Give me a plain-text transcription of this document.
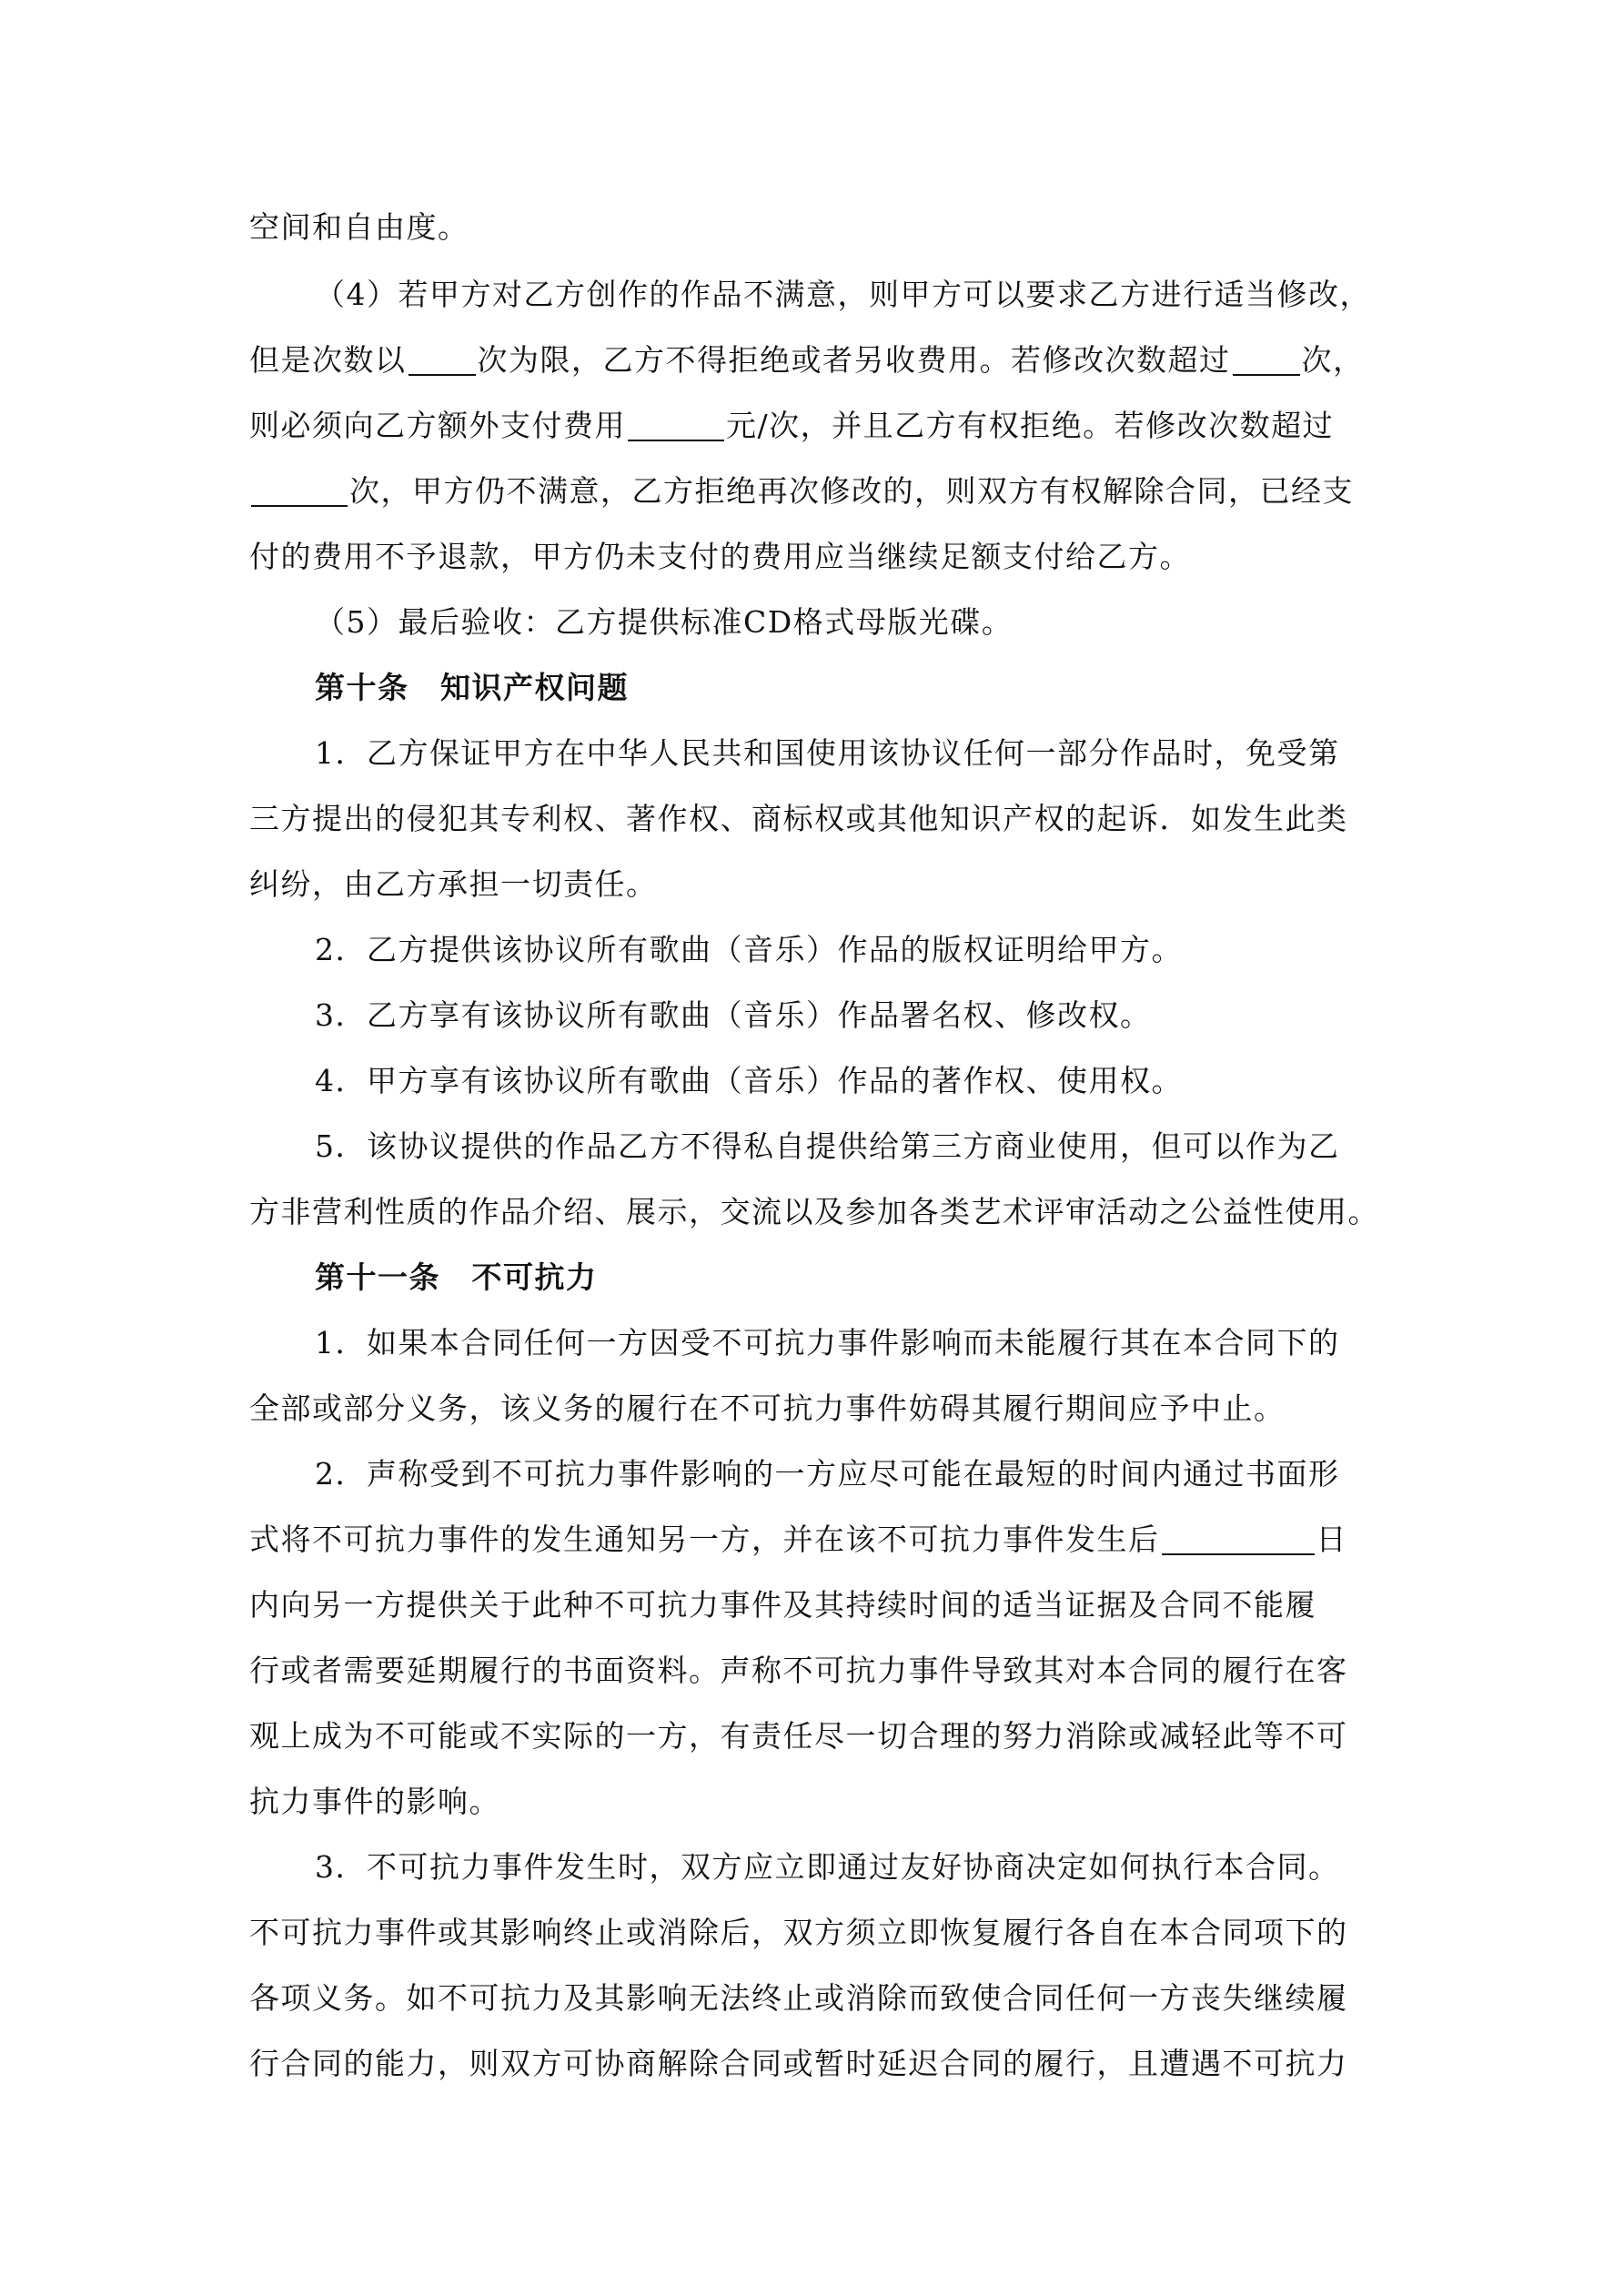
空间和自由度。
（4）若甲方对乙方创作的作品不满意，则甲方可以要求乙方进行适当修改，
但是次数以 次为限，乙方不得拒绝或者另收费用。若修改次数超过 次，
则必须向乙方额外支付费用	元/次，并且乙方有权拒绝。若修改次数超过
次，甲方仍不满意，乙方拒绝再次修改的，则双方有权解除合同，已经支
付的费用不予退款，甲方仍未支付的费用应当继续足额支付给乙方。
（5）最后验收：乙方提供标准CD格式母版光碟。
第十条　知识产权问题
1．乙方保证甲方在中华人民共和国使用该协议任何一部分作品时，免受第
三方提出的侵犯其专利权、著作权、商标权或其他知识产权的起诉．如发生此类
纠纷，由乙方承担一切责任。
2．乙方提供该协议所有歌曲（音乐）作品的版权证明给甲方。
3．乙方享有该协议所有歌曲（音乐）作品署名权、修改权。
4．甲方享有该协议所有歌曲（音乐）作品的著作权、使用权。
5．该协议提供的作品乙方不得私自提供给第三方商业使用，但可以作为乙
方非营利性质的作品介绍、展示，交流以及参加各类艺术评审活动之公益性使用。
第十一条　不可抗力
1．如果本合同任何一方因受不可抗力事件影响而未能履行其在本合同下的
全部或部分义务，该义务的履行在不可抗力事件妨碍其履行期间应予中止。
2．声称受到不可抗力事件影响的一方应尽可能在最短的时间内通过书面形
式将不可抗力事件的发生通知另一方，并在该不可抗力事件发生后	日
内向另一方提供关于此种不可抗力事件及其持续时间的适当证据及合同不能履
行或者需要延期履行的书面资料。声称不可抗力事件导致其对本合同的履行在客
观上成为不可能或不实际的一方，有责任尽一切合理的努力消除或减轻此等不可
抗力事件的影响。
3．不可抗力事件发生时，双方应立即通过友好协商决定如何执行本合同。
不可抗力事件或其影响终止或消除后，双方须立即恢复履行各自在本合同项下的
各项义务。如不可抗力及其影响无法终止或消除而致使合同任何一方丧失继续履
行合同的能力，则双方可协商解除合同或暂时延迟合同的履行，且遭遇不可抗力
